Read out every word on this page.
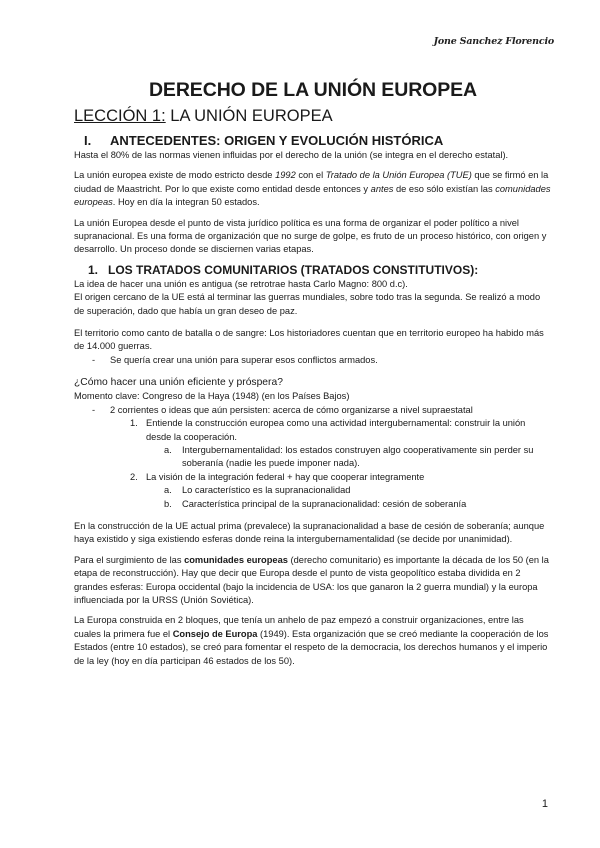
Jone Sanchez Florencio
DERECHO DE LA UNIÓN EUROPEA
LECCIÓN 1: LA UNIÓN EUROPEA
I. ANTECEDENTES: ORIGEN Y EVOLUCIÓN HISTÓRICA

Hasta el 80% de las normas vienen influidas por el derecho de la unión (se integra en el derecho estatal).

La unión europea existe de modo estricto desde 1992 con el Tratado de la Unión Europea (TUE) que se firmó en la ciudad de Maastricht. Por lo que existe como entidad desde entonces y antes de eso sólo existían las comunidades europeas. Hoy en día la integran 50 estados.

La unión Europea desde el punto de vista jurídico política es una forma de organizar el poder político a nivel supranacional. Es una forma de organización que no surge de golpe, es fruto de un proceso histórico, con origen y desarrollo. Un proceso donde se disciernen varias etapas.

1. LOS TRATADOS COMUNITARIOS (TRATADOS CONSTITUTIVOS):

La idea de hacer una unión es antigua (se retrotrae hasta Carlo Magno: 800 d.c).

El origen cercano de la UE está al terminar las guerras mundiales, sobre todo tras la segunda. Se realizó a modo de superación, dado que había un gran deseo de paz.

El territorio como canto de batalla o de sangre: Los historiadores cuentan que en territorio europeo ha habido más de 14.000 guerras.

- Se quería crear una unión para superar esos conflictos armados.
¿Cómo hacer una unión eficiente y próspera?

Momento clave: Congreso de la Haya (1948) (en los Países Bajos)

- 2 corrientes o ideas que aún persisten: acerca de cómo organizarse a nivel supraestatal
1. Entiende la construcción europea como una actividad intergubernamental: construir la unión desde la cooperación.
a. Intergubernamentalidad: los estados construyen algo cooperativamente sin perder su soberanía (nadie les puede imponer nada).
2. La visión de la integración federal + hay que cooperar integramente
a. Lo característico es la supranacionalidad
b. Característica principal de la supranacionalidad: cesión de soberanía

En la construcción de la UE actual prima (prevalece) la supranacionalidad a base de cesión de soberanía; aunque haya existido y siga existiendo esferas donde reina la intergubernamentalidad (se decide por unanimidad).

Para el surgimiento de las comunidades europeas (derecho comunitario) es importante la década de los 50 (en la etapa de reconstrucción). Hay que decir que Europa desde el punto de vista geopolítico estaba dividida en 2 grandes esferas: Europa occidental (bajo la incidencia de USA: los que ganaron la 2 guerra mundial) y la europa influenciada por la URSS (Unión Soviética).

La Europa construida en 2 bloques, que tenía un anhelo de paz empezó a construir organizaciones, entre las cuales la primera fue el Consejo de Europa (1949). Esta organización que se creó mediante la cooperación de los Estados (entre 10 estados), se creó para fomentar el respeto de la democracia, los derechos humanos y el imperio de la ley (hoy en día participan 46 estados de los 50).

1
